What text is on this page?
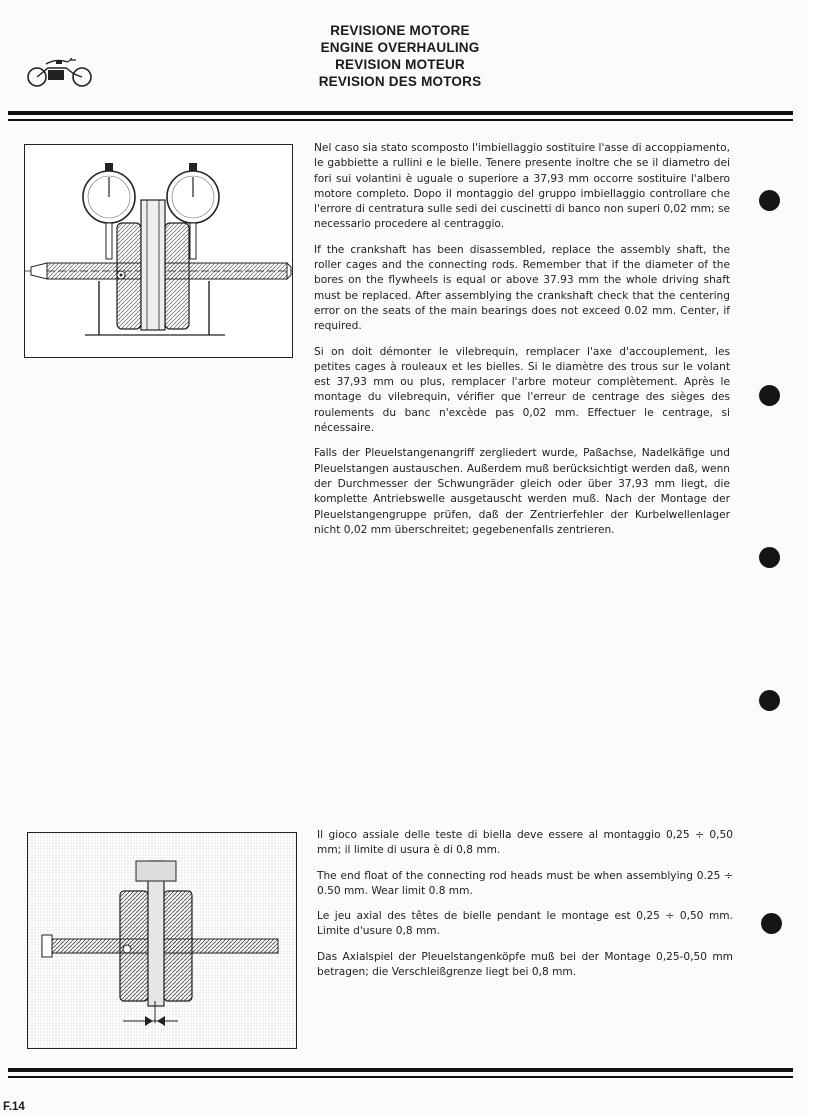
REVISIONE MOTORE
ENGINE OVERHAULING
REVISION MOTEUR
REVISION DES MOTORS

Nel caso sia stato scomposto l'imbiellaggio sostituire l'asse di accoppiamento, le gabbiette a rullini e le bielle. Tenere presente inoltre che se il diametro dei fori sui volantini è uguale o superiore a 37,93 mm occorre sostituire l'albero motore completo. Dopo il montaggio del gruppo imbiellaggio controllare che l'errore di centratura sulle sedi dei cuscinetti di banco non superi 0,02 mm; se necessario procedere al centraggio.

If the crankshaft has been disassembled, replace the assembly shaft, the roller cages and the connecting rods. Remember that if the diameter of the bores on the flywheels is equal or above 37.93 mm the whole driving shaft must be replaced. After assemblying the crankshaft check that the centering error on the seats of the main bearings does not exceed 0.02 mm. Center, if required.

Si on doit démonter le vilebrequin, remplacer l'axe d'accouplement, les petites cages à rouleaux et les bielles. Si le diamètre des trous sur le volant est 37,93 mm ou plus, remplacer l'arbre moteur complètement. Après le montage du vilebrequin, vérifier que l'erreur de centrage des sièges des roulements du banc n'excède pas 0,02 mm. Effectuer le centrage, si nécessaire.

Falls der Pleuelstangenangriff zergliedert wurde, Paßachse, Nadelkäfige und Pleuelstangen austauschen. Außerdem muß berücksichtigt werden daß, wenn der Durchmesser der Schwungräder gleich oder über 37,93 mm liegt, die komplette Antriebswelle ausgetauscht werden muß. Nach der Montage der Pleuelstangengruppe prüfen, daß der Zentrierfehler der Kurbelwellenlager nicht 0,02 mm überschreitet; gegebenenfalls zentrieren.

Il gioco assiale delle teste di biella deve essere al montaggio 0,25 ÷ 0,50 mm; il limite di usura è di 0,8 mm.

The end float of the connecting rod heads must be when assemblying 0.25 ÷ 0.50 mm. Wear limit 0.8 mm.

Le jeu axial des têtes de bielle pendant le montage est 0,25 ÷ 0,50 mm. Limite d'usure 0,8 mm.

Das Axialspiel der Pleuelstangenköpfe muß bei der Montage 0,25-0,50 mm betragen; die Verschleißgrenze liegt bei 0,8 mm.

F.14
